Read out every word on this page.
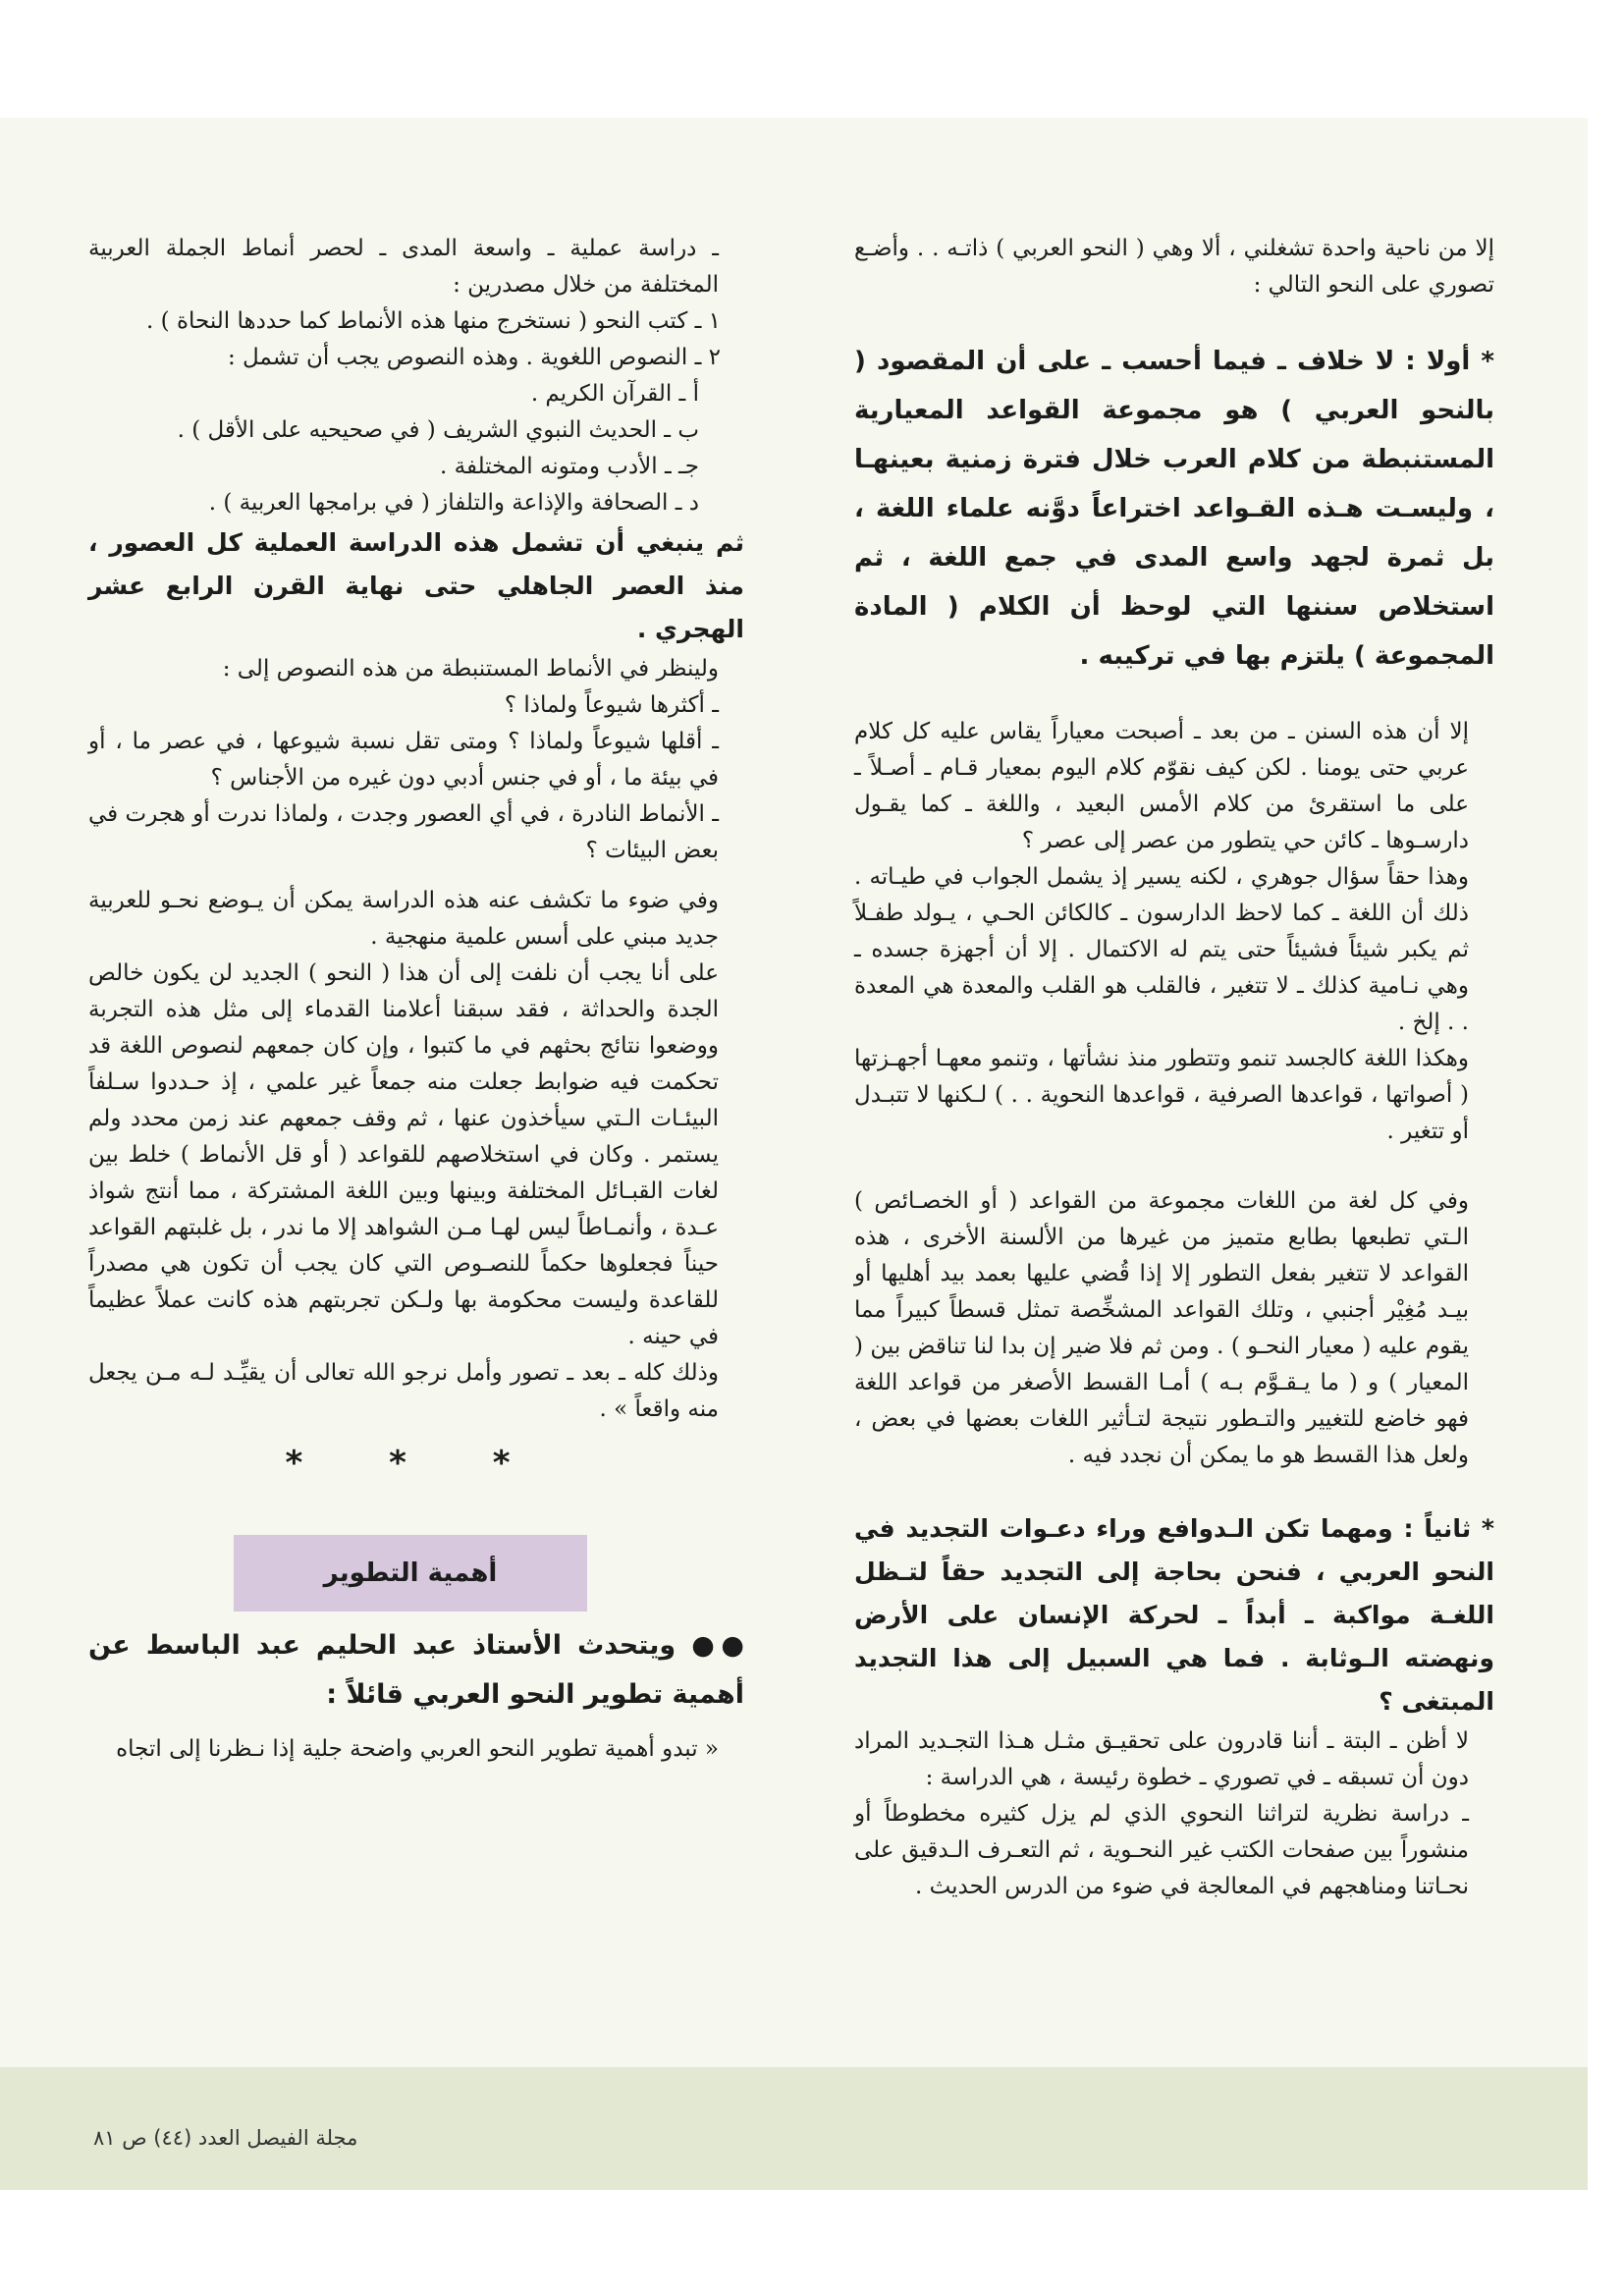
إلا من ناحية واحدة تشغلني ، ألا وهي ( النحو العربي ) ذاتـه . . وأضـع تصوري على النحو التالي :

* أولا : لا خلاف ـ فيما أحسب ـ على أن المقصود ( بالنحو العربي ) هو مجموعة القواعد المعيارية المستنبطة من كلام العرب خلال فترة زمنية بعينهـا ، وليسـت هـذه القـواعد اختراعاً دوَّنه علماء اللغة ، بل ثمرة لجهد واسع المدى في جمع اللغة ، ثم استخلاص سننها التي لوحظ أن الكلام ( المادة المجموعة ) يلتزم بها في تركيبه .

إلا أن هذه السنن ـ من بعد ـ أصبحت معياراً يقاس عليه كل كلام عربي حتى يومنا . لكن كيف نقوّم كلام اليوم بمعيار قـام ـ أصـلاً ـ على ما استقرئ من كلام الأمس البعيد ، واللغة ـ كما يقـول دارسـوها ـ كائن حي يتطور من عصر إلى عصر ؟

وهذا حقاً سؤال جوهري ، لكنه يسير إذ يشمل الجواب في طيـاته . ذلك أن اللغة ـ كما لاحظ الدارسون ـ كالكائن الحـي ، يـولد طفـلاً ثم يكبر شيئاً فشيئاً حتى يتم له الاكتمال . إلا أن أجهزة جسده ـ وهي نـامية كذلك ـ لا تتغير ، فالقلب هو القلب والمعدة هي المعدة . . إلخ .

وهكذا اللغة كالجسد تنمو وتتطور منذ نشأتها ، وتنمو معهـا أجهـزتها ( أصواتها ، قواعدها الصرفية ، قواعدها النحوية . . ) لـكنها لا تتبـدل أو تتغير .

وفي كل لغة من اللغات مجموعة من القواعد ( أو الخصـائص ) الـتي تطبعها بطابع متميز من غيرها من الألسنة الأخرى ، هذه القواعد لا تتغير بفعل التطور إلا إذا قُضي عليها بعمد بيد أهليها أو بيـد مُغِيْر أجنبي ، وتلك القواعد المشخِّصة تمثل قسطاً كبيراً مما يقوم عليه ( معيار النحـو ) . ومن ثم فلا ضير إن بدا لنا تناقض بين ( المعيار ) و ( ما يـقـوَّم بـه ) أمـا القسط الأصغر من قواعد اللغة فهو خاضع للتغيير والتـطور نتيجة لتـأثير اللغات بعضها في بعض ، ولعل هذا القسط هو ما يمكن أن نجدد فيه .

* ثانياً : ومهما تكن الـدوافع وراء دعـوات التجديد في النحو العربي ، فنحن بحاجة إلى التجديد حقاً لتـظل اللغـة مواكبة ـ أبداً ـ لحركة الإنسان على الأرض ونهضته الـوثابة . فما هي السبيل إلى هذا التجديد المبتغى ؟

لا أظن ـ البتة ـ أننا قادرون على تحقيـق مثـل هـذا التجـديد المراد دون أن تسبقه ـ في تصوري ـ خطوة رئيسة ، هي الدراسة :

ـ دراسة نظرية لتراثنا النحوي الذي لم يزل كثيره مخطوطاً أو منشوراً بين صفحات الكتب غير النحـوية ، ثم التعـرف الـدقيق على نحـاتنا ومناهجهم في المعالجة في ضوء من الدرس الحديث .

ـ دراسة عملية ـ واسعة المدى ـ لحصر أنماط الجملة العربية المختلفة من خلال مصدرين :

١ ـ كتب النحو ( نستخرج منها هذه الأنماط كما حددها النحاة ) .

٢ ـ النصوص اللغوية . وهذه النصوص يجب أن تشمل :

أ ـ القرآن الكريم .

ب ـ الحديث النبوي الشريف ( في صحيحيه على الأقل ) .

جـ ـ الأدب ومتونه المختلفة .

د ـ الصحافة والإذاعة والتلفاز ( في برامجها العربية ) .

ثم ينبغي أن تشمل هذه الدراسة العملية كل العصور ، منذ العصر الجاهلي حتى نهاية القرن الرابع عشر الهجري .

ولينظر في الأنماط المستنبطة من هذه النصوص إلى :

ـ أكثرها شيوعاً ولماذا ؟

ـ أقلها شيوعاً ولماذا ؟ ومتى تقل نسبة شيوعها ، في عصر ما ، أو في بيئة ما ، أو في جنس أدبي دون غيره من الأجناس ؟

ـ الأنماط النادرة ، في أي العصور وجدت ، ولماذا ندرت أو هجرت في بعض البيئات ؟

وفي ضوء ما تكشف عنه هذه الدراسة يمكن أن يـوضع نحـو للعربية جديد مبني على أسس علمية منهجية .

على أنا يجب أن نلفت إلى أن هذا ( النحو ) الجديد لن يكون خالص الجدة والحداثة ، فقد سبقنا أعلامنا القدماء إلى مثل هذه التجربة ووضعوا نتائج بحثهم في ما كتبوا ، وإن كان جمعهم لنصوص اللغة قد تحكمت فيه ضوابط جعلت منه جمعاً غير علمي ، إذ حـددوا سـلفاً البيئـات الـتي سيأخذون عنها ، ثم وقف جمعهم عند زمن محدد ولم يستمر . وكان في استخلاصهم للقواعد ( أو قل الأنماط ) خلط بين لغات القبـائل المختلفة وبينها وبين اللغة المشتركة ، مما أنتج شواذ عـدة ، وأنمـاطاً ليس لهـا مـن الشواهد إلا ما ندر ، بل غلبتهم القواعد حيناً فجعلوها حكماً للنصـوص التي كان يجب أن تكون هي مصدراً للقاعدة وليست محكومة بها ولـكن تجربتهم هذه كانت عملاً عظيماً في حينه .

وذلك كله ـ بعد ـ تصور وأمل نرجو الله تعالى أن يقيِّـد لـه مـن يجعل منه واقعاً » .

* * *
أهمية التطوير

●● ويتحدث الأستاذ عبد الحليم عبد الباسط عن أهمية تطوير النحو العربي قائلاً :

« تبدو أهمية تطوير النحو العربي واضحة جلية إذا نـظرنا إلى اتجاه

مجلة الفيصل العدد (٤٤) ص ٨١
